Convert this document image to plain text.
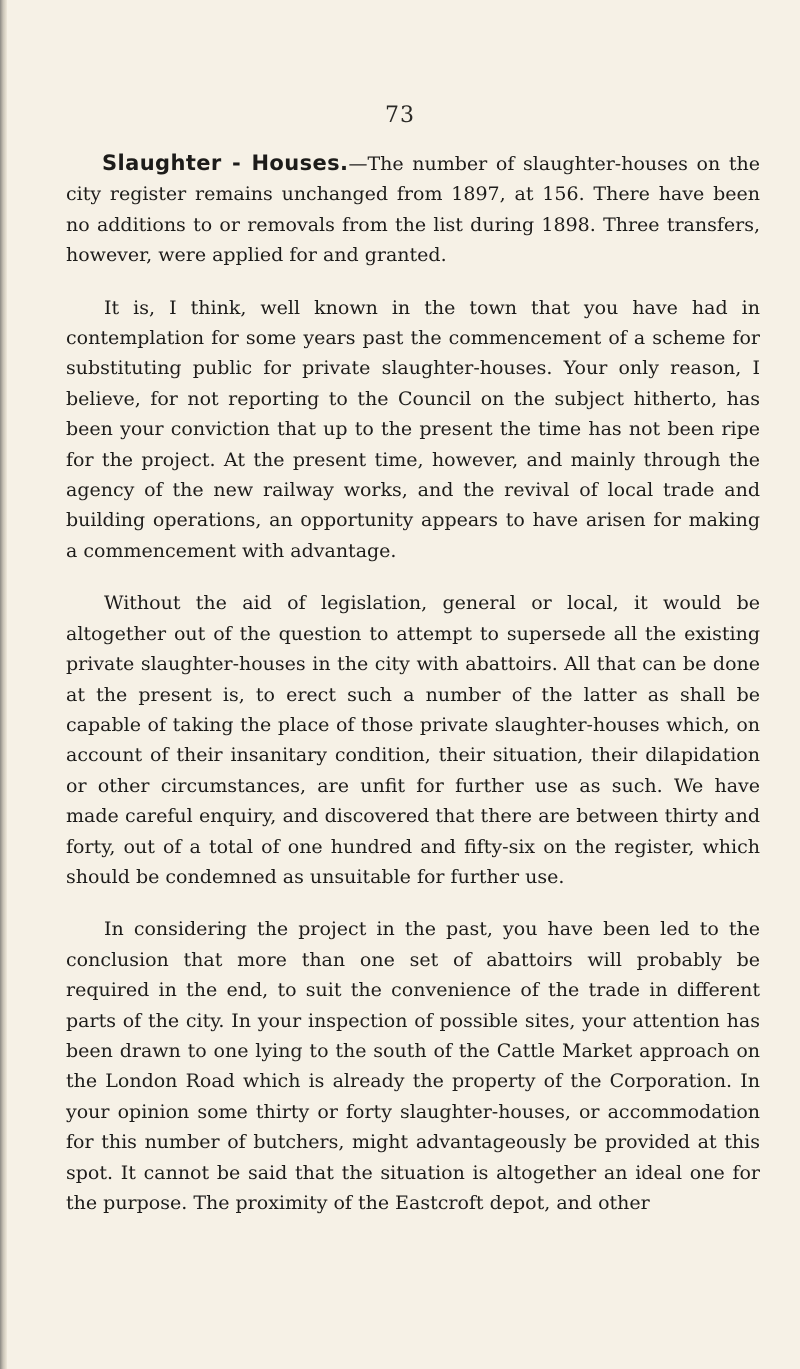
73

Slaughter - Houses.—The number of slaughter-houses on the city register remains unchanged from 1897, at 156. There have been no additions to or removals from the list during 1898. Three transfers, however, were applied for and granted.

It is, I think, well known in the town that you have had in contemplation for some years past the commencement of a scheme for substituting public for private slaughter-houses. Your only reason, I believe, for not reporting to the Council on the subject hitherto, has been your conviction that up to the present the time has not been ripe for the project. At the present time, however, and mainly through the agency of the new railway works, and the revival of local trade and building operations, an opportunity appears to have arisen for making a commencement with advantage.

Without the aid of legislation, general or local, it would be altogether out of the question to attempt to supersede all the existing private slaughter-houses in the city with abattoirs. All that can be done at the present is, to erect such a number of the latter as shall be capable of taking the place of those private slaughter-houses which, on account of their insanitary condition, their situation, their dilapidation or other circumstances, are unfit for further use as such. We have made careful enquiry, and discovered that there are between thirty and forty, out of a total of one hundred and fifty-six on the register, which should be condemned as unsuitable for further use.

In considering the project in the past, you have been led to the conclusion that more than one set of abattoirs will probably be required in the end, to suit the convenience of the trade in different parts of the city. In your inspection of possible sites, your attention has been drawn to one lying to the south of the Cattle Market approach on the London Road which is already the property of the Corporation. In your opinion some thirty or forty slaughter-houses, or accommodation for this number of butchers, might advantageously be provided at this spot. It cannot be said that the situation is altogether an ideal one for the purpose. The proximity of the Eastcroft depot, and other
